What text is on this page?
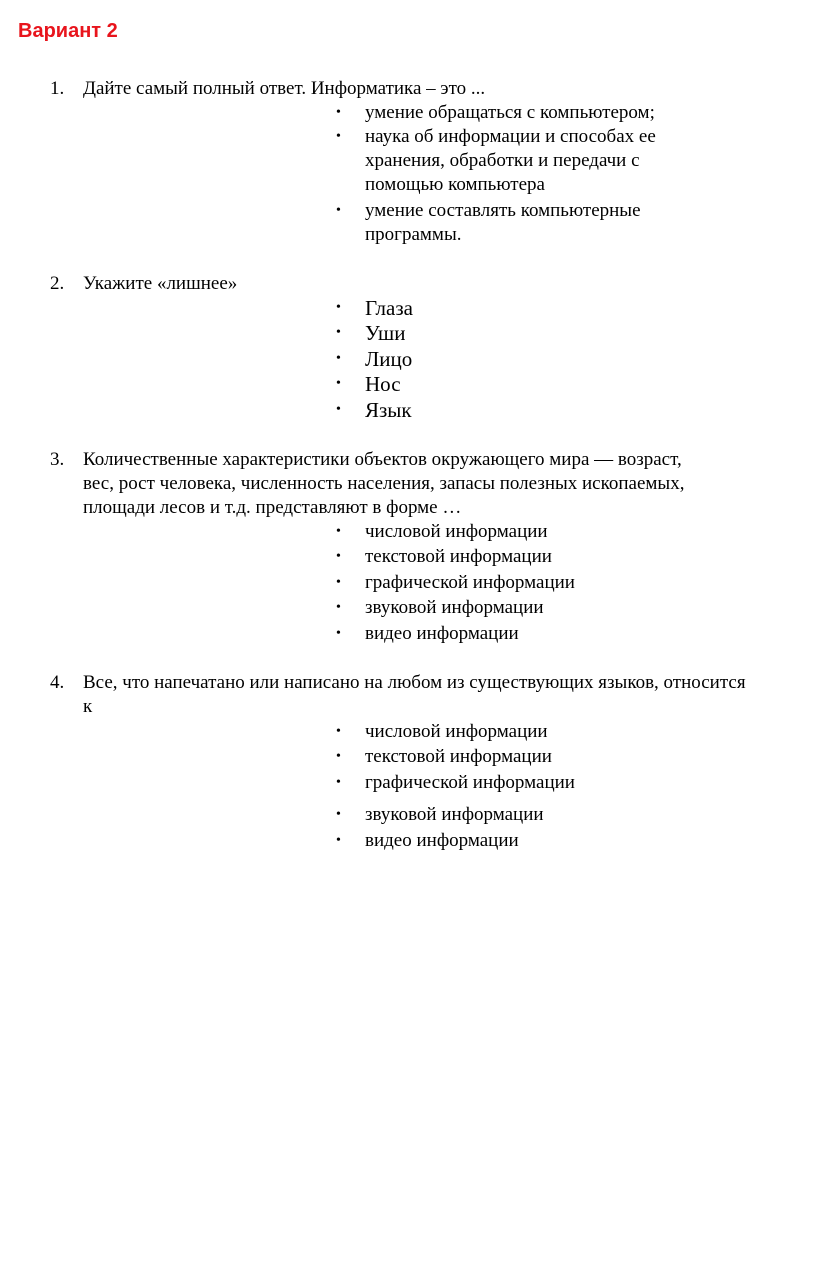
Вариант 2
1. Дайте самый полный ответ. Информатика – это ...
• умение обращаться с компьютером;
• наука об информации и способах ее
хранения, обработки и передачи с
помощью компьютера
• умение составлять компьютерные
программы.
2. Укажите «лишнее»
• Глаза
• Уши
• Лицо
• Нос
• Язык
3. Количественные характеристики объектов окружающего мира — возраст,
вес, рост человека, численность населения, запасы полезных ископаемых,
площади лесов и т.д. представляют в форме …
• числовой информации
• текстовой информации
• графической информации
• звуковой информации
• видео информации
4. Все, что напечатано или написано на любом из существующих языков, относится
к
• числовой информации
• текстовой информации
• графической информации
• звуковой информации
• видео информации
